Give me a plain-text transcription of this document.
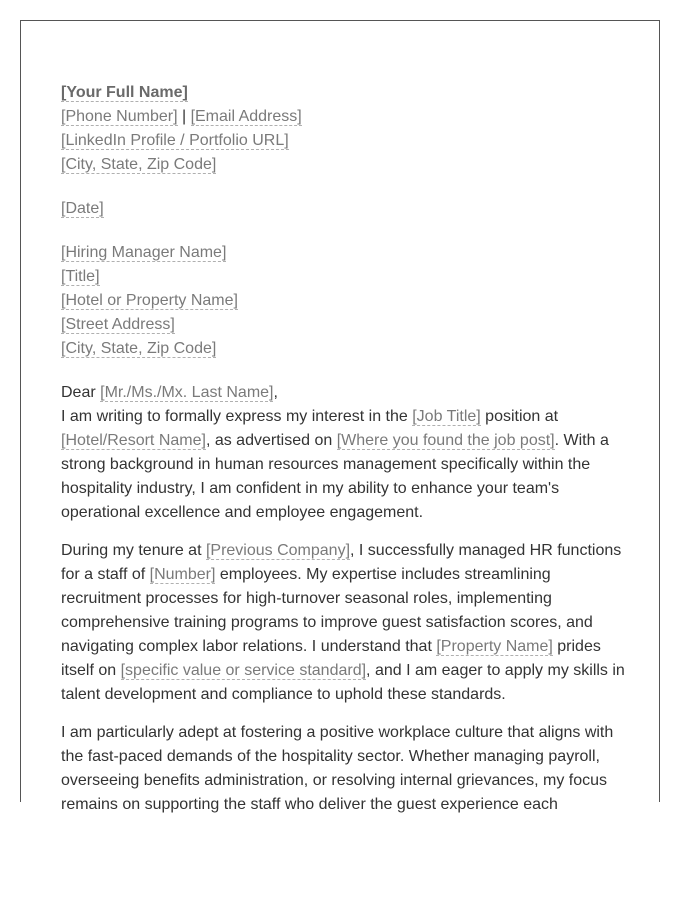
[Your Full Name]
[Phone Number] | [Email Address]
[LinkedIn Profile / Portfolio URL]
[City, State, Zip Code]
[Date]
[Hiring Manager Name]
[Title]
[Hotel or Property Name]
[Street Address]
[City, State, Zip Code]
Dear [Mr./Ms./Mx. Last Name],

I am writing to formally express my interest in the [Job Title] position at [Hotel/Resort Name], as advertised on [Where you found the job post]. With a strong background in human resources management specifically within the hospitality industry, I am confident in my ability to enhance your team's operational excellence and employee engagement.

During my tenure at [Previous Company], I successfully managed HR functions for a staff of [Number] employees. My expertise includes streamlining recruitment processes for high-turnover seasonal roles, implementing comprehensive training programs to improve guest satisfaction scores, and navigating complex labor relations. I understand that [Property Name] prides itself on [specific value or service standard], and I am eager to apply my skills in talent development and compliance to uphold these standards.

I am particularly adept at fostering a positive workplace culture that aligns with the fast-paced demands of the hospitality sector. Whether managing payroll, overseeing benefits administration, or resolving internal grievances, my focus remains on supporting the staff who deliver the guest experience each
